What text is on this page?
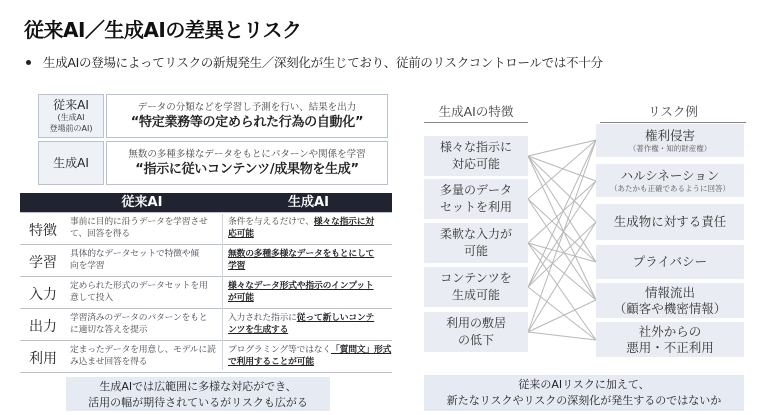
従来AI／生成AIの差異とリスク
生成AIの登場によってリスクの新規発生／深刻化が生じており、従前のリスクコントロールでは不十分
従来AI
(生成AI
登場前のAI)
データの分類などを学習し予測を行い、結果を出力
“特定業務等の定められた行為の自動化”
生成AI
無数の多種多様なデータをもとにパターンや関係を学習
“指示に従いコンテンツ/成果物を生成”
従来AI	生成AI
特徴
事前に目的に沿うデータを学習させ
て、回答を得る
条件を与えるだけで、様々な指示に対
応可能
学習
具体的なデータセットで特徴や傾
向を学習
無数の多種多様なデータをもとにして
学習
入力
定められた形式のデータセットを用
意して投入
様々なデータ形式や指示のインプット
が可能
出力
学習済みのデータのパターンをもと
に適切な答えを提示
入力された指示に従って新しいコンテ
ンツを生成する
利用
定まったデータを用意し、モデルに読
み込ませ回答を得る
プログラミング等ではなく「質問文」形式
で利用することが可能
生成AIでは広範囲に多様な対応ができ、
活用の幅が期待されているがリスクも広がる
生成AIの特徴	リスク例
様々な指示に
対応可能
多量のデータ
セットを利用
柔軟な入力が
可能
コンテンツを
生成可能
利用の敷居
の低下
権利侵害
（著作権・知的財産権）
ハルシネーション
（あたかも正確であるように回答）
生成物に対する責任
プライバシー
情報流出
（顧客や機密情報）
社外からの
悪用・不正利用
従来のAIリスクに加えて、
新たなリスクやリスクの深刻化が発生するのではないか
